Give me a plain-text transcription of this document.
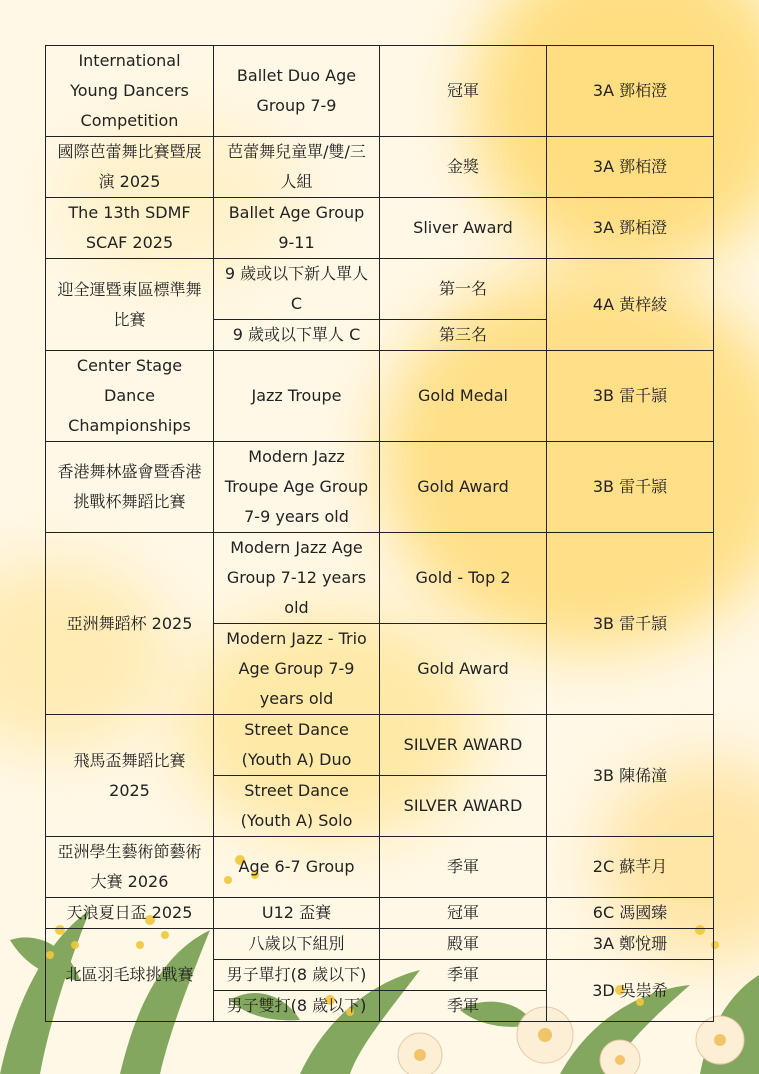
International Young Dancers Competition	Ballet Duo Age Group 7-9	冠軍	3A 鄧栢澄
國際芭蕾舞比賽暨展演 2025	芭蕾舞兒童單/雙/三人組	金獎	3A 鄧栢澄
The 13th SDMF SCAF 2025	Ballet Age Group 9-11	Sliver Award	3A 鄧栢澄
迎全運暨東區標準舞比賽	9 歲或以下新人單人 C	第一名	4A 黃梓綾
	9 歲或以下單人 C	第三名	
Center Stage Dance Championships	Jazz Troupe	Gold Medal	3B 雷千頴
香港舞林盛會暨香港挑戰杯舞蹈比賽	Modern Jazz Troupe Age Group 7-9 years old	Gold Award	3B 雷千頴
亞洲舞蹈杯 2025	Modern Jazz Age Group 7-12 years old	Gold - Top 2	3B 雷千頴
	Modern Jazz - Trio Age Group 7-9 years old	Gold Award	
飛馬盃舞蹈比賽 2025	Street Dance (Youth A) Duo	SILVER AWARD	3B 陳俙潼
	Street Dance (Youth A) Solo	SILVER AWARD	
亞洲學生藝術節藝術大賽 2026	Age 6-7 Group	季軍	2C 蘇芊月
天浪夏日盃 2025	U12 盃賽	冠軍	6C 馮國臻
北區羽毛球挑戰賽	八歲以下組別	殿軍	3A 鄭悅珊
	男子單打(8 歲以下)	季軍	3D 吳崇希
	男子雙打(8 歲以下)	季軍	
